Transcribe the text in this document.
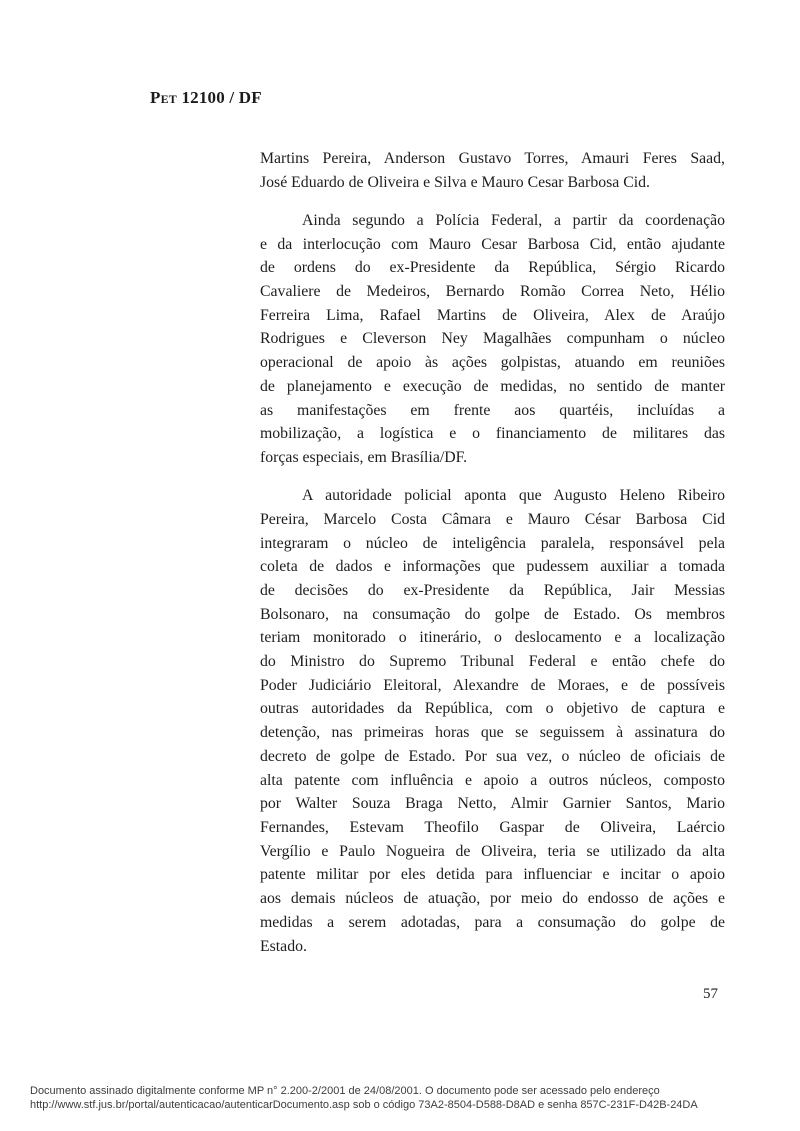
Pet 12100 / DF
Martins Pereira, Anderson Gustavo Torres, Amauri Feres Saad,
José Eduardo de Oliveira e Silva e Mauro Cesar Barbosa Cid.
Ainda segundo a Polícia Federal, a partir da coordenação
e da interlocução com Mauro Cesar Barbosa Cid, então ajudante
de ordens do ex-Presidente da República, Sérgio Ricardo
Cavaliere de Medeiros, Bernardo Romão Correa Neto, Hélio
Ferreira Lima, Rafael Martins de Oliveira, Alex de Araújo
Rodrigues e Cleverson Ney Magalhães compunham o núcleo
operacional de apoio às ações golpistas, atuando em reuniões
de planejamento e execução de medidas, no sentido de manter
as manifestações em frente aos quartéis, incluídas a
mobilização, a logística e o financiamento de militares das
forças especiais, em Brasília/DF.
A autoridade policial aponta que Augusto Heleno Ribeiro
Pereira, Marcelo Costa Câmara e Mauro César Barbosa Cid
integraram o núcleo de inteligência paralela, responsável pela
coleta de dados e informações que pudessem auxiliar a tomada
de decisões do ex-Presidente da República, Jair Messias
Bolsonaro, na consumação do golpe de Estado. Os membros
teriam monitorado o itinerário, o deslocamento e a localização
do Ministro do Supremo Tribunal Federal e então chefe do
Poder Judiciário Eleitoral, Alexandre de Moraes, e de possíveis
outras autoridades da República, com o objetivo de captura e
detenção, nas primeiras horas que se seguissem à assinatura do
decreto de golpe de Estado. Por sua vez, o núcleo de oficiais de
alta patente com influência e apoio a outros núcleos, composto
por Walter Souza Braga Netto, Almir Garnier Santos, Mario
Fernandes, Estevam Theofilo Gaspar de Oliveira, Laércio
Vergílio e Paulo Nogueira de Oliveira, teria se utilizado da alta
patente militar por eles detida para influenciar e incitar o apoio
aos demais núcleos de atuação, por meio do endosso de ações e
medidas a serem adotadas, para a consumação do golpe de
Estado.
57
Documento assinado digitalmente conforme MP n° 2.200-2/2001 de 24/08/2001. O documento pode ser acessado pelo endereço
http://www.stf.jus.br/portal/autenticacao/autenticarDocumento.asp sob o código 73A2-8504-D588-D8AD e senha 857C-231F-D42B-24DA
